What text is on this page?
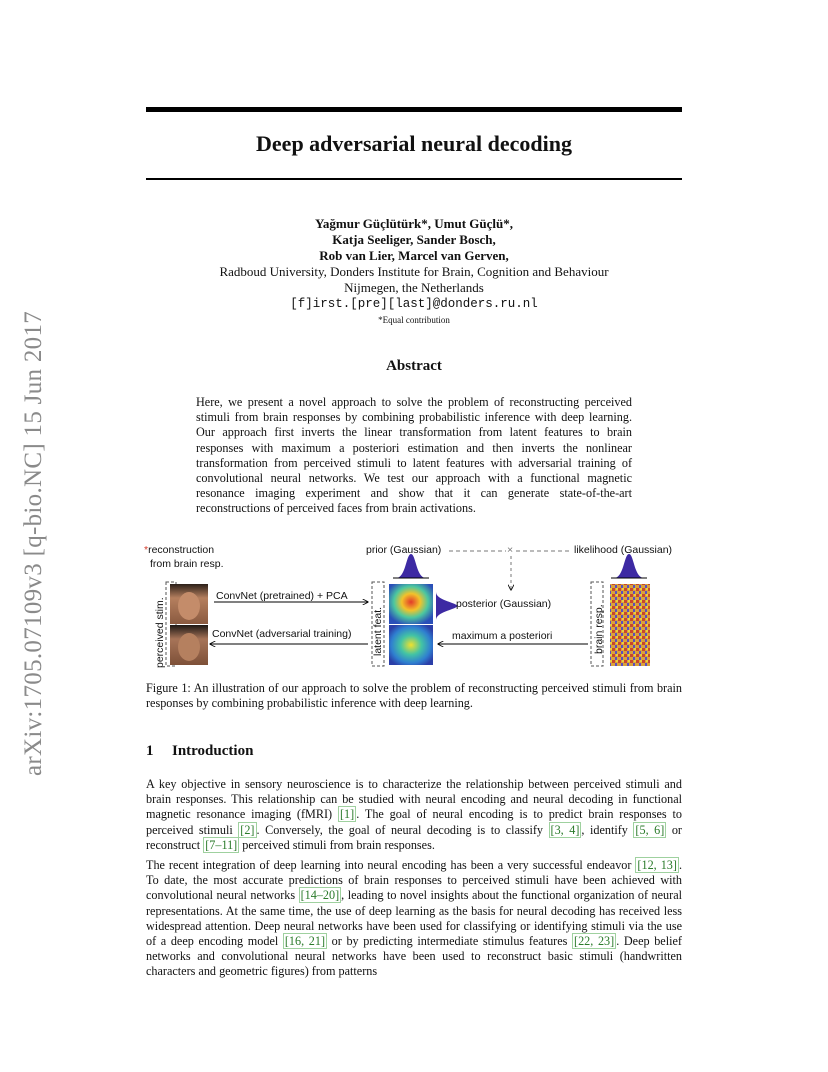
arXiv:1705.07109v3 [q-bio.NC] 15 Jun 2017
Deep adversarial neural decoding
Yağmur Güçlütürk*, Umut Güçlü*,
Katja Seeliger, Sander Bosch,
Rob van Lier, Marcel van Gerven,
Radboud University, Donders Institute for Brain, Cognition and Behaviour
Nijmegen, the Netherlands
[f]irst.[pre][last]@donders.ru.nl
*Equal contribution
Abstract
Here, we present a novel approach to solve the problem of reconstructing perceived stimuli from brain responses by combining probabilistic inference with deep learning. Our approach first inverts the linear transformation from latent features to brain responses with maximum a posteriori estimation and then inverts the nonlinear transformation from perceived stimuli to latent features with adversarial training of convolutional neural networks. We test our approach with a functional magnetic resonance imaging experiment and show that it can generate state-of-the-art reconstructions of perceived faces from brain activations.
*reconstruction
from brain resp.
prior (Gaussian)	likelihood (Gaussian)
×
ConvNet (pretrained) + PCA
ConvNet (adversarial training)
posterior (Gaussian)
maximum a posteriori
perceived stim.	latent feat.	brain resp.
Figure 1: An illustration of our approach to solve the problem of reconstructing perceived stimuli from brain responses by combining probabilistic inference with deep learning.
1 Introduction
A key objective in sensory neuroscience is to characterize the relationship between perceived stimuli and brain responses. This relationship can be studied with neural encoding and neural decoding in functional magnetic resonance imaging (fMRI) [1] . The goal of neural encoding is to predict brain responses to perceived stimuli [2] . Conversely, the goal of neural decoding is to classify [3, 4] , identify [5, 6] or reconstruct [7–11] perceived stimuli from brain responses.
The recent integration of deep learning into neural encoding has been a very successful endeavor [12, 13] . To date, the most accurate predictions of brain responses to perceived stimuli have been achieved with convolutional neural networks [14–20] , leading to novel insights about the functional organization of neural representations. At the same time, the use of deep learning as the basis for neural decoding has received less widespread attention. Deep neural networks have been used for classifying or identifying stimuli via the use of a deep encoding model [16, 21] or by predicting intermediate stimulus features [22, 23] . Deep belief networks and convolutional neural networks have been used to reconstruct basic stimuli (handwritten characters and geometric figures) from patterns
